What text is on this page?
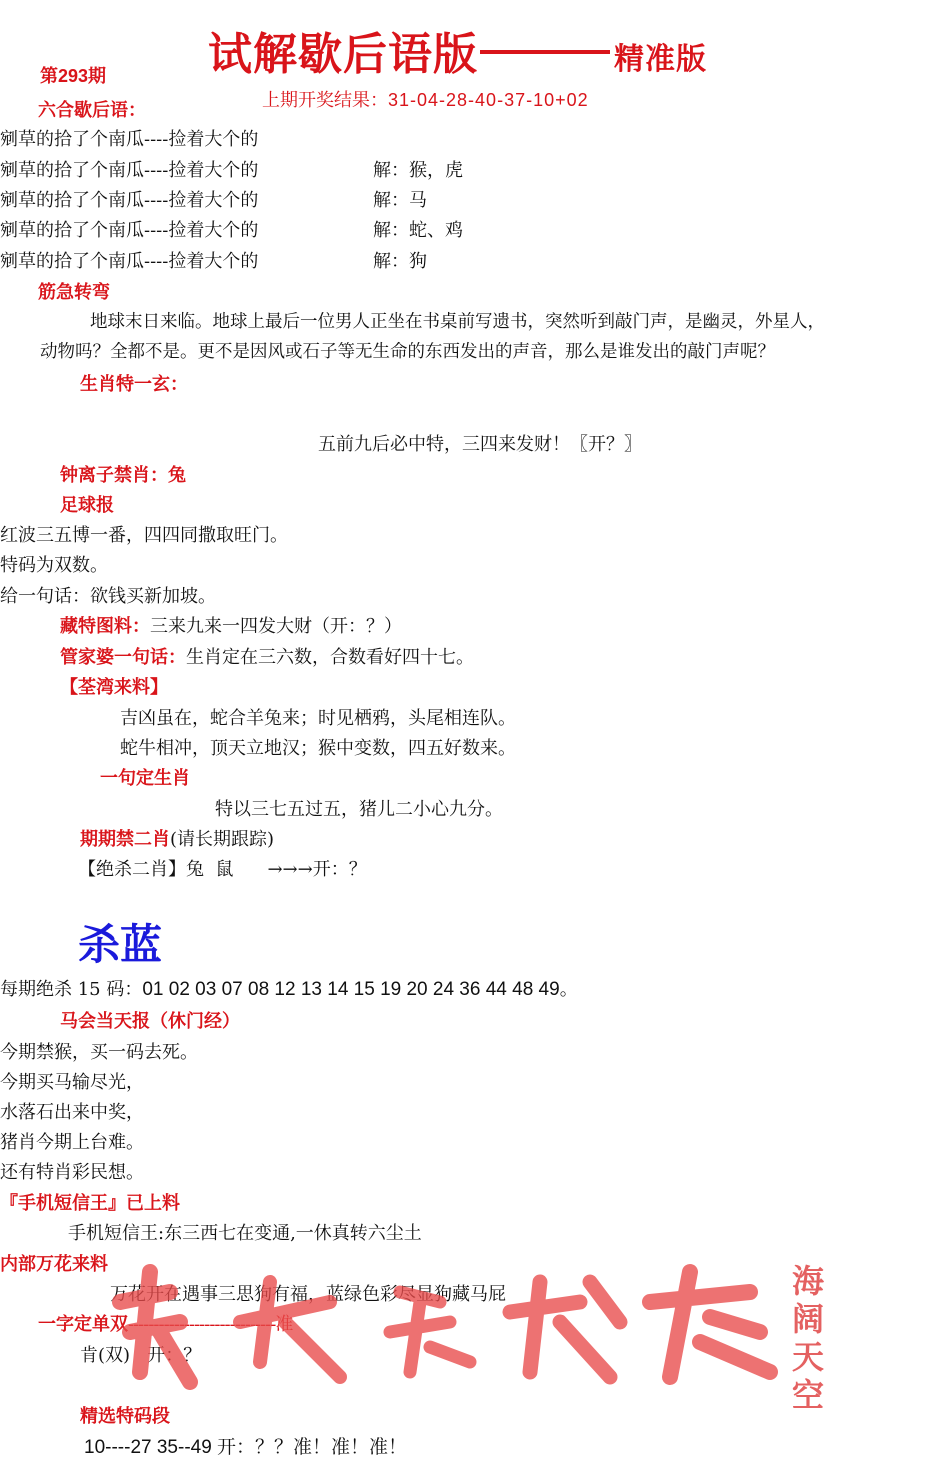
试解歇后语版	精准版
第293期
上期开奖结果：31-04-28-40-37-10+02
六合歇后语：
剜草的拾了个南瓜----捡着大个的
剜草的拾了个南瓜----捡着大个的	解：猴，虎
剜草的拾了个南瓜----捡着大个的	解：马
剜草的拾了个南瓜----捡着大个的	解：蛇、鸡
剜草的拾了个南瓜----捡着大个的	解：狗
筋急转弯
地球末日来临。地球上最后一位男人正坐在书桌前写遗书，突然听到敲门声，是幽灵，外星人，
动物吗？全都不是。更不是因风或石子等无生命的东西发出的声音，那么是谁发出的敲门声呢？
生肖特一玄：
五前九后必中特，三四来发财！〖开？〗
钟离子禁肖：兔
足球报
红波三五博一番，四四同撒取旺门。
特码为双数。
给一句话：欲钱买新加坡。
藏特图料：三来九来一四发大财（开：？）
管家婆一句话：生肖定在三六数，合数看好四十七。
【荃湾来料】
吉凶虽在，蛇合羊兔来；时见栖鸦，头尾相连队。
蛇牛相冲，顶天立地汉；猴中变数，四五好数来。
一句定生肖
特以三七五过五，猪儿二小心九分。
期期禁二肖(请长期跟踪)
【绝杀二肖】兔  鼠 →→→开：？
杀蓝
每期绝杀 15 码：01 02 03 07 08 12 13 14 15 19 20 24 36 44 48 49。
马会当天报（休门经）
今期禁猴，买一码去死。
今期买马输尽光，
水落石出来中奖，
猪肖今期上台难。
还有特肖彩民想。
『手机短信王』已上料
手机短信王:东三西七在变通,一休真转六尘土
内部万花来料
万花开在遇事三思狗有福，蓝绿色彩尽显狗藏马屁
一字定单双-----------------------------准
肯(双)   开：？
海
阔
天
空
精选特码段
10----27 35--49 开：？？准！准！准！
